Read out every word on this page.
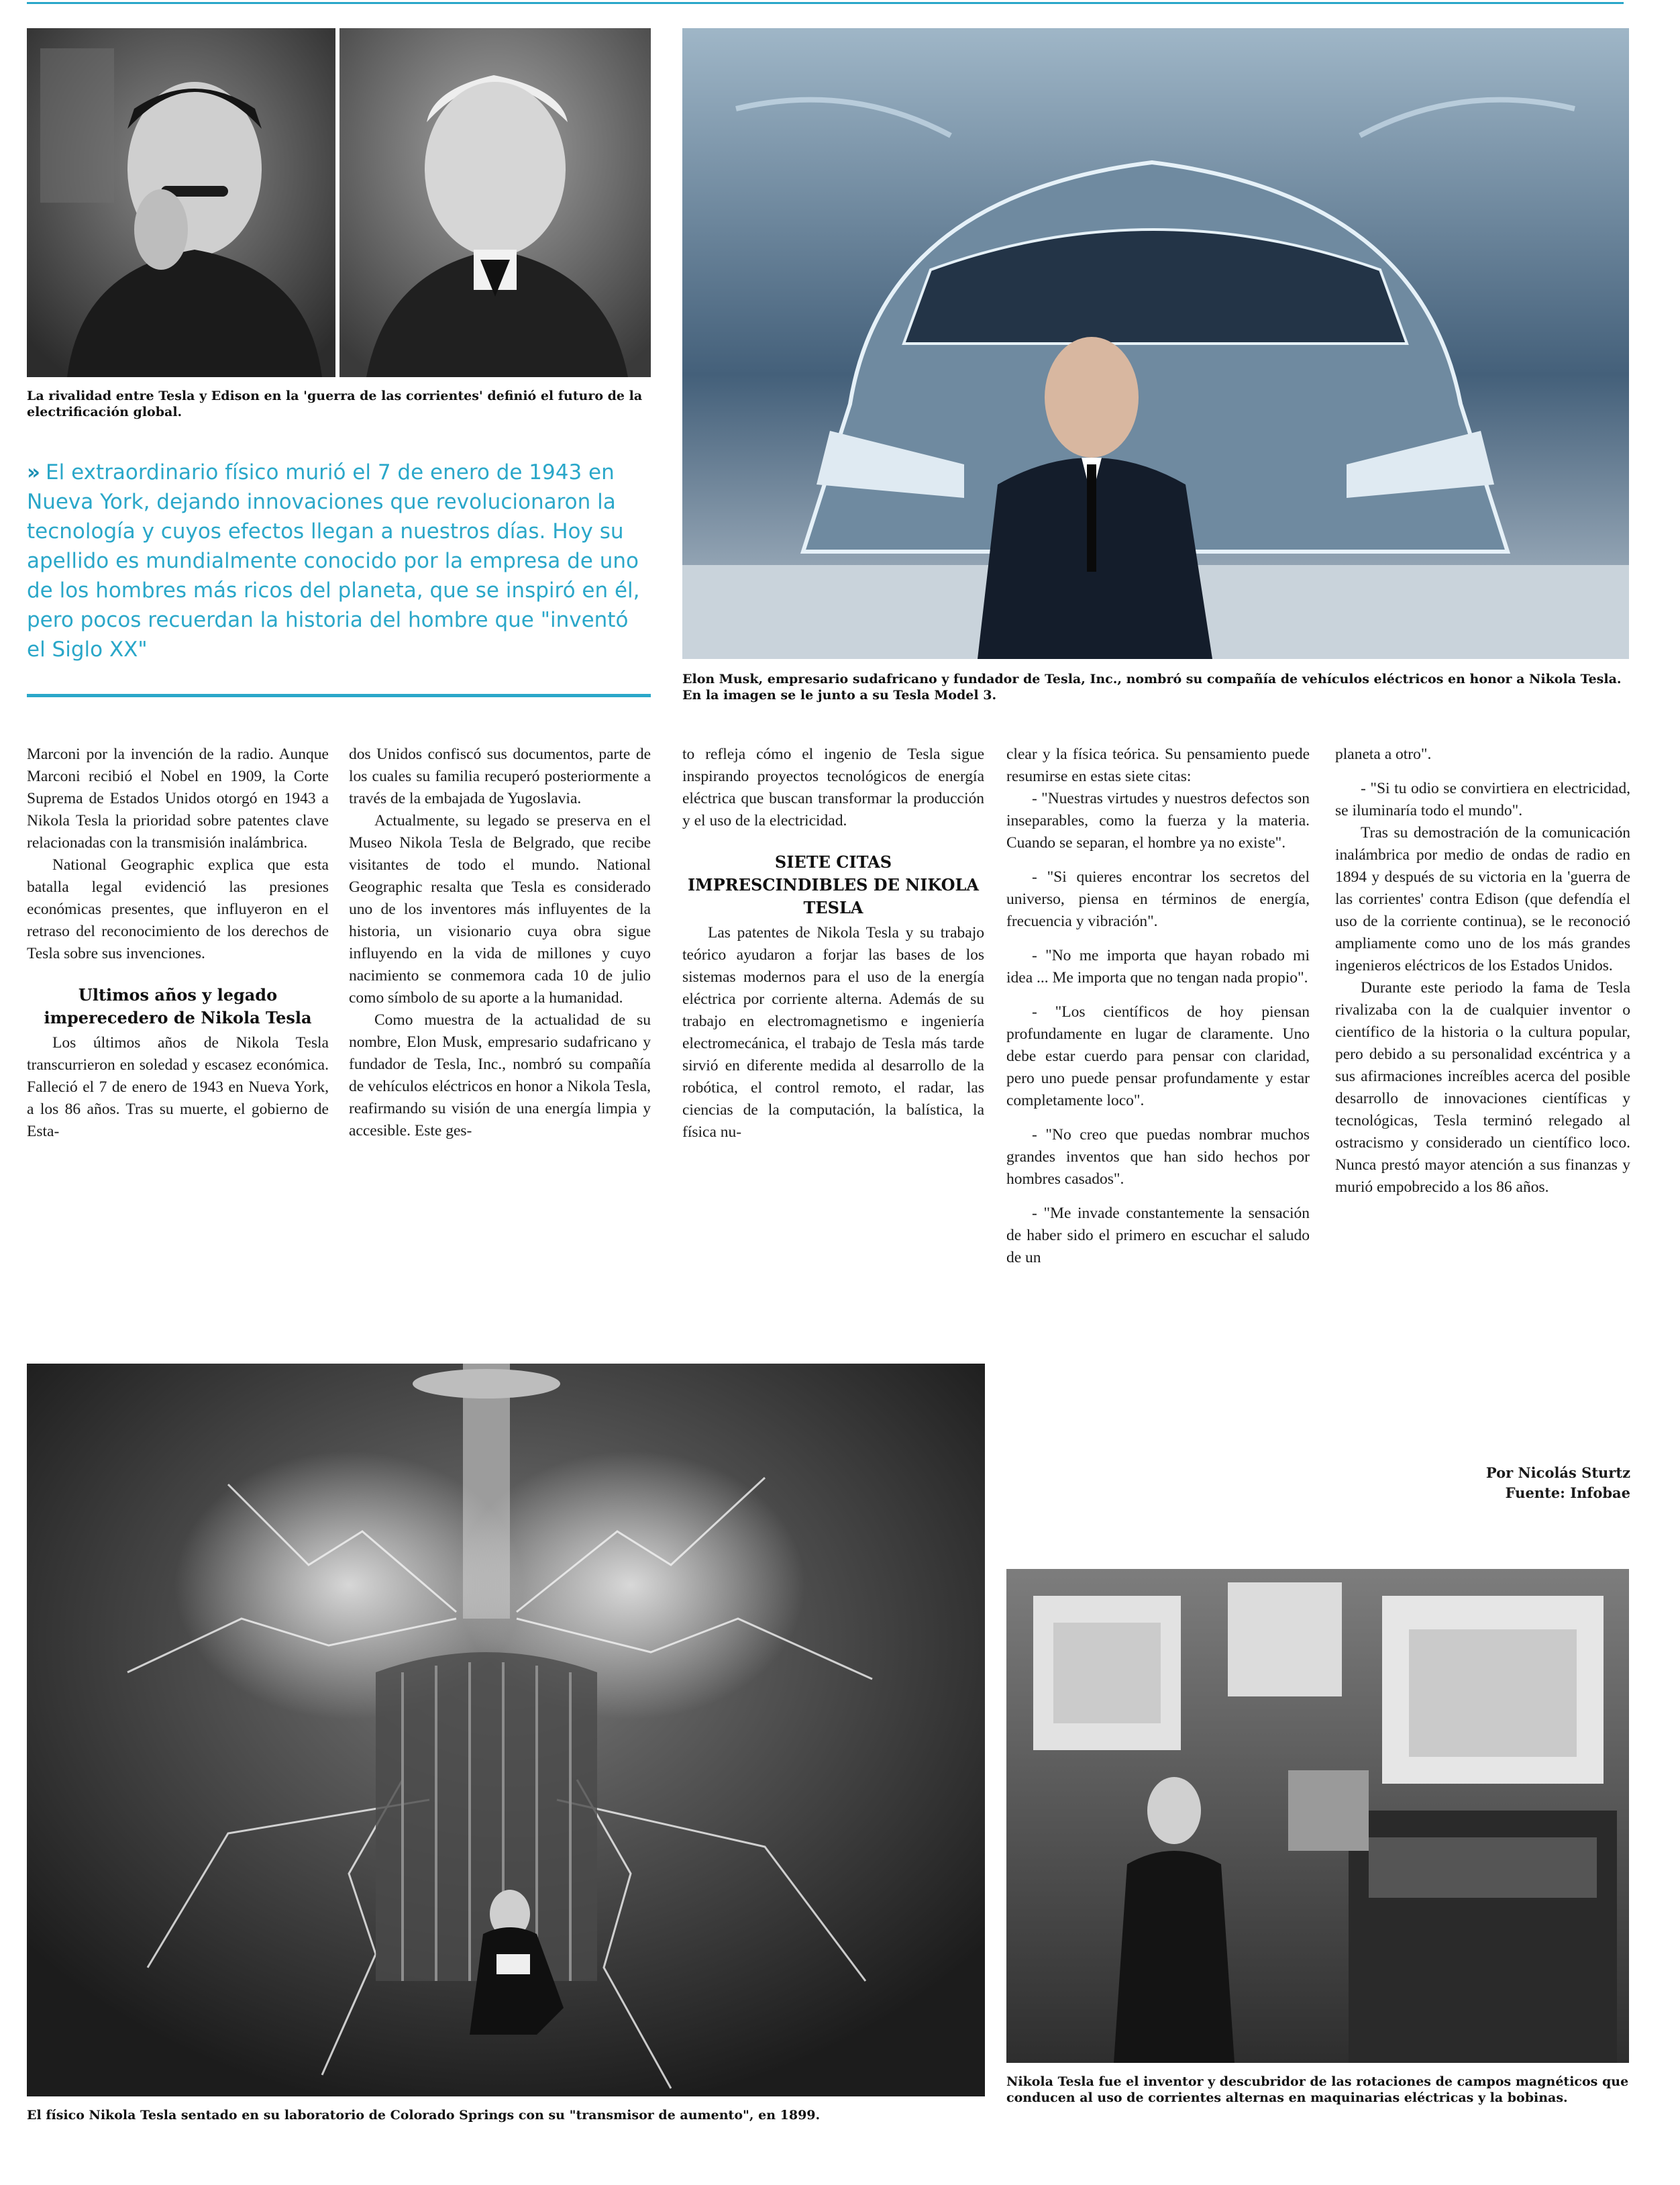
La rivalidad entre Tesla y Edison en la 'guerra de las corrientes' definió el futuro de la electrificación global.
» El extraordinario físico murió el 7 de enero de 1943 en Nueva York, dejando innovaciones que revolucionaron la tecnología y cuyos efectos llegan a nuestros días. Hoy su apellido es mundialmente conocido por la empresa de uno de los hombres más ricos del planeta, que se inspiró en él, pero pocos recuerdan la historia del hombre que "inventó el Siglo XX"
Elon Musk, empresario sudafricano y fundador de Tesla, Inc., nombró su compañía de vehículos eléctricos en honor a Nikola Tesla. En la imagen se le junto a su Tesla Model 3.

Marconi por la invención de la radio. Aunque Marconi recibió el Nobel en 1909, la Corte Suprema de Estados Unidos otorgó en 1943 a Nikola Tesla la prioridad sobre patentes clave relacionadas con la transmisión inalámbrica.

National Geographic explica que esta batalla legal evidenció las presiones económicas presentes, que influyeron en el retraso del reconocimiento de los derechos de Tesla sobre sus invenciones.

Ultimos años y legado imperecedero de Nikola Tesla

Los últimos años de Nikola Tesla transcurrieron en soledad y escasez económica. Falleció el 7 de enero de 1943 en Nueva York, a los 86 años. Tras su muerte, el gobierno de Esta-

dos Unidos confiscó sus documentos, parte de los cuales su familia recuperó posteriormente a través de la embajada de Yugoslavia.

Actualmente, su legado se preserva en el Museo Nikola Tesla de Belgrado, que recibe visitantes de todo el mundo. National Geographic resalta que Tesla es considerado uno de los inventores más influyentes de la historia, un visionario cuya obra sigue influyendo en la vida de millones y cuyo nacimiento se conmemora cada 10 de julio como símbolo de su aporte a la humanidad.

Como muestra de la actualidad de su nombre, Elon Musk, empresario sudafricano y fundador de Tesla, Inc., nombró su compañía de vehículos eléctricos en honor a Nikola Tesla, reafirmando su visión de una energía limpia y accesible. Este ges-

to refleja cómo el ingenio de Tesla sigue inspirando proyectos tecnológicos de energía eléctrica que buscan transformar la producción y el uso de la electricidad.

SIETE CITAS IMPRESCINDIBLES DE NIKOLA TESLA

Las patentes de Nikola Tesla y su trabajo teórico ayudaron a forjar las bases de los sistemas modernos para el uso de la energía eléctrica por corriente alterna. Además de su trabajo en electromagnetismo e ingeniería electromecánica, el trabajo de Tesla más tarde sirvió en diferente medida al desarrollo de la robótica, el control remoto, el radar, las ciencias de la computación, la balística, la física nu-

clear y la física teórica. Su pensamiento puede resumirse en estas siete citas:

- "Nuestras virtudes y nuestros defectos son inseparables, como la fuerza y la materia. Cuando se separan, el hombre ya no existe".

- "Si quieres encontrar los secretos del universo, piensa en términos de energía, frecuencia y vibración".

- "No me importa que hayan robado mi idea ... Me importa que no tengan nada propio".

- "Los científicos de hoy piensan profundamente en lugar de claramente. Uno debe estar cuerdo para pensar con claridad, pero uno puede pensar profundamente y estar completamente loco".

- "No creo que puedas nombrar muchos grandes inventos que han sido hechos por hombres casados".

- "Me invade constantemente la sensación de haber sido el primero en escuchar el saludo de un

planeta a otro".

- "Si tu odio se convirtiera en electricidad, se iluminaría todo el mundo".

Tras su demostración de la comunicación inalámbrica por medio de ondas de radio en 1894 y después de su victoria en la 'guerra de las corrientes' contra Edison (que defendía el uso de la corriente continua), se le reconoció ampliamente como uno de los más grandes ingenieros eléctricos de los Estados Unidos.

Durante este periodo la fama de Tesla rivalizaba con la de cualquier inventor o científico de la historia o la cultura popular, pero debido a su personalidad excéntrica y a sus afirmaciones increíbles acerca del posible desarrollo de innovaciones científicas y tecnológicas, Tesla terminó relegado al ostracismo y considerado un científico loco. Nunca prestó mayor atención a sus finanzas y murió empobrecido a los 86 años.

Por Nicolás Sturtz
Fuente: Infobae
El físico Nikola Tesla sentado en su laboratorio de Colorado Springs con su "transmisor de aumento", en 1899.
Nikola Tesla fue el inventor y descubridor de las rotaciones de campos magnéticos que conducen al uso de corrientes alternas en maquinarias eléctricas y la bobinas.
